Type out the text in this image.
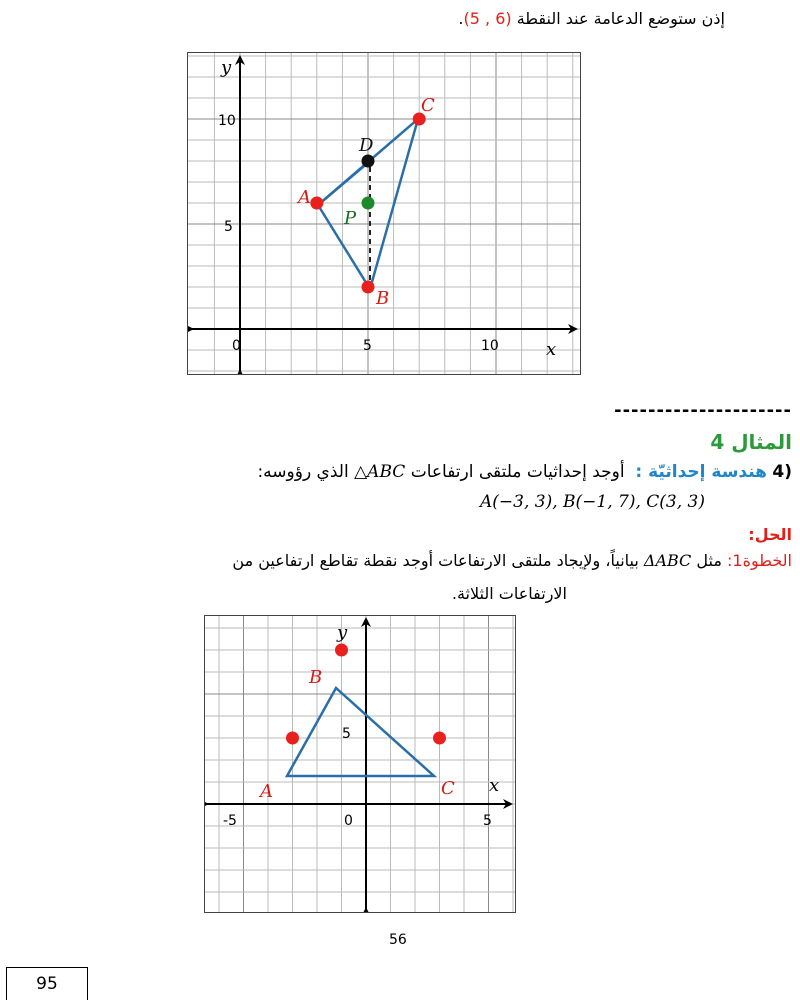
إذن ستوضع الدعامة عند النقطة (5 , 6).
x
y
0	5	10
5
10
A
B
C
D
P
---------------------
المثال 4
4) هندسة إحداثيّة :  أوجد إحداثيات ملتقى ارتفاعات △ABC الذي رؤوسه:
A(−3, 3), B(−1, 7), C(3, 3)
الحل:
الخطوة1: مثل ΔABC بيانياً، ولإيجاد ملتقى الارتفاعات أوجد نقطة تقاطع ارتفاعين من
الارتفاعات الثلاثة.
x
y
-5	0	5
5
A
B
C
56
95
